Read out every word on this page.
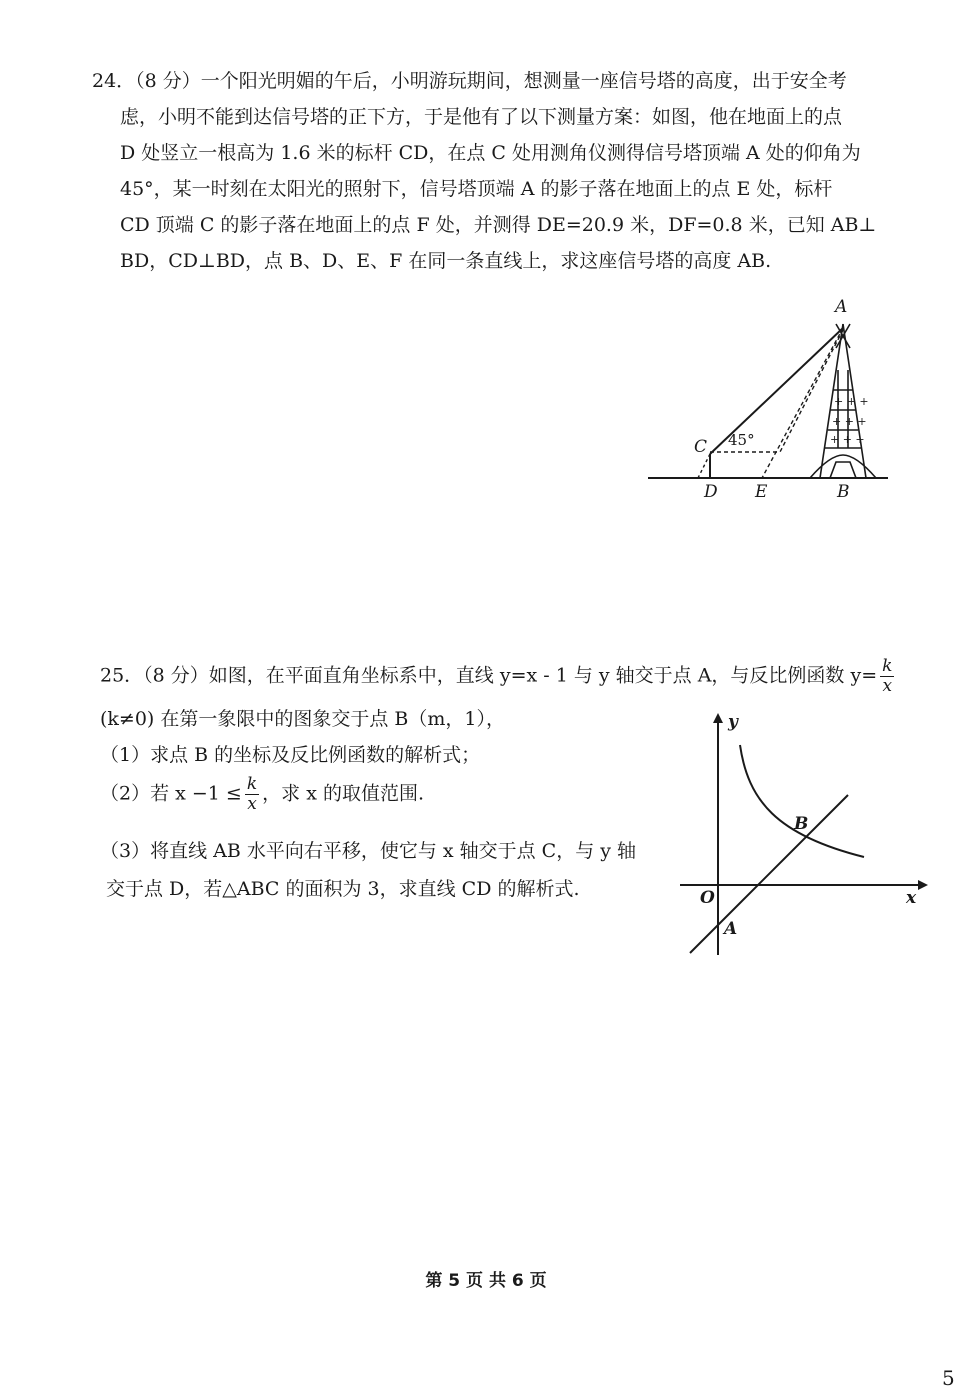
24．（8 分）一个阳光明媚的午后，小明游玩期间，想测量一座信号塔的高度，出于安全考
虑，小明不能到达信号塔的正下方，于是他有了以下测量方案：如图，他在地面上的点
D 处竖立一根高为 1.6 米的标杆 CD，在点 C 处用测角仪测得信号塔顶端 A 处的仰角为
45°，某一时刻在太阳光的照射下，信号塔顶端 A 的影子落在地面上的点 E 处，标杆
CD 顶端 C 的影子落在地面上的点 F 处，并测得 DE=20.9 米，DF=0.8 米，已知 AB⊥
BD，CD⊥BD，点 B、D、E、F 在同一条直线上，求这座信号塔的高度 AB.
+ + +
+ + +
+ + +
A
B
C
D E
45°
25．（8 分）如图，在平面直角坐标系中，直线 y=x - 1 与 y 轴交于点 A，与反比例函数 $y= \frac{k}{x}$
(k≠0) 在第一象限中的图象交于点 B（m，1），
（1）求点 B 的坐标及反比例函数的解析式；
（2）若 $x -1 \le \frac{k}{x}$ ，求 x 的取值范围.
（3）将直线 AB 水平向右平移，使它与 x 轴交于点 C，与 y 轴
交于点 D，若△ABC 的面积为 3，求直线 CD 的解析式.
y
x
O
A
B
第 5 页 共 6 页
5
